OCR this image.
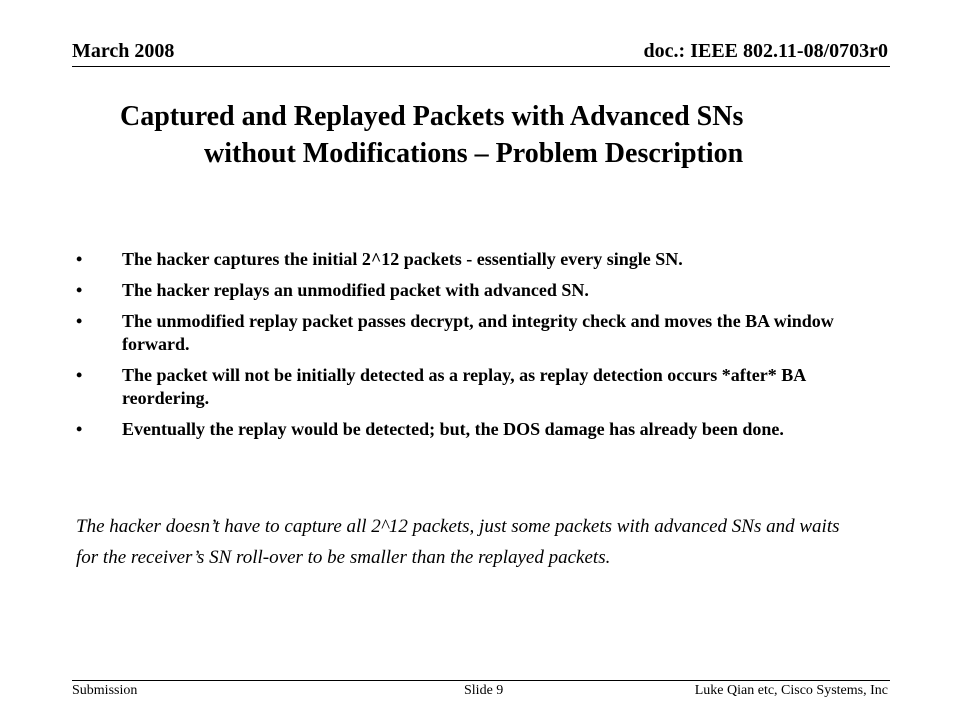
March 2008	doc.: IEEE 802.11-08/0703r0
Captured and Replayed Packets with Advanced SNs
without Modifications – Problem Description
• The hacker captures the initial 2^12 packets - essentially every single SN.
• The hacker replays an unmodified packet with advanced SN.
• The unmodified replay packet passes decrypt, and integrity check and moves the BA window forward.
• The packet will not be initially detected as a replay, as replay detection occurs *after* BA reordering.
• Eventually the replay would be detected; but, the DOS damage has already been done.
The hacker doesn’t have to capture all 2^12 packets, just some packets with advanced SNs and waits for the receiver’s SN roll-over to be smaller than the replayed packets.
Submission	Slide 9	Luke Qian etc, Cisco Systems, Inc
